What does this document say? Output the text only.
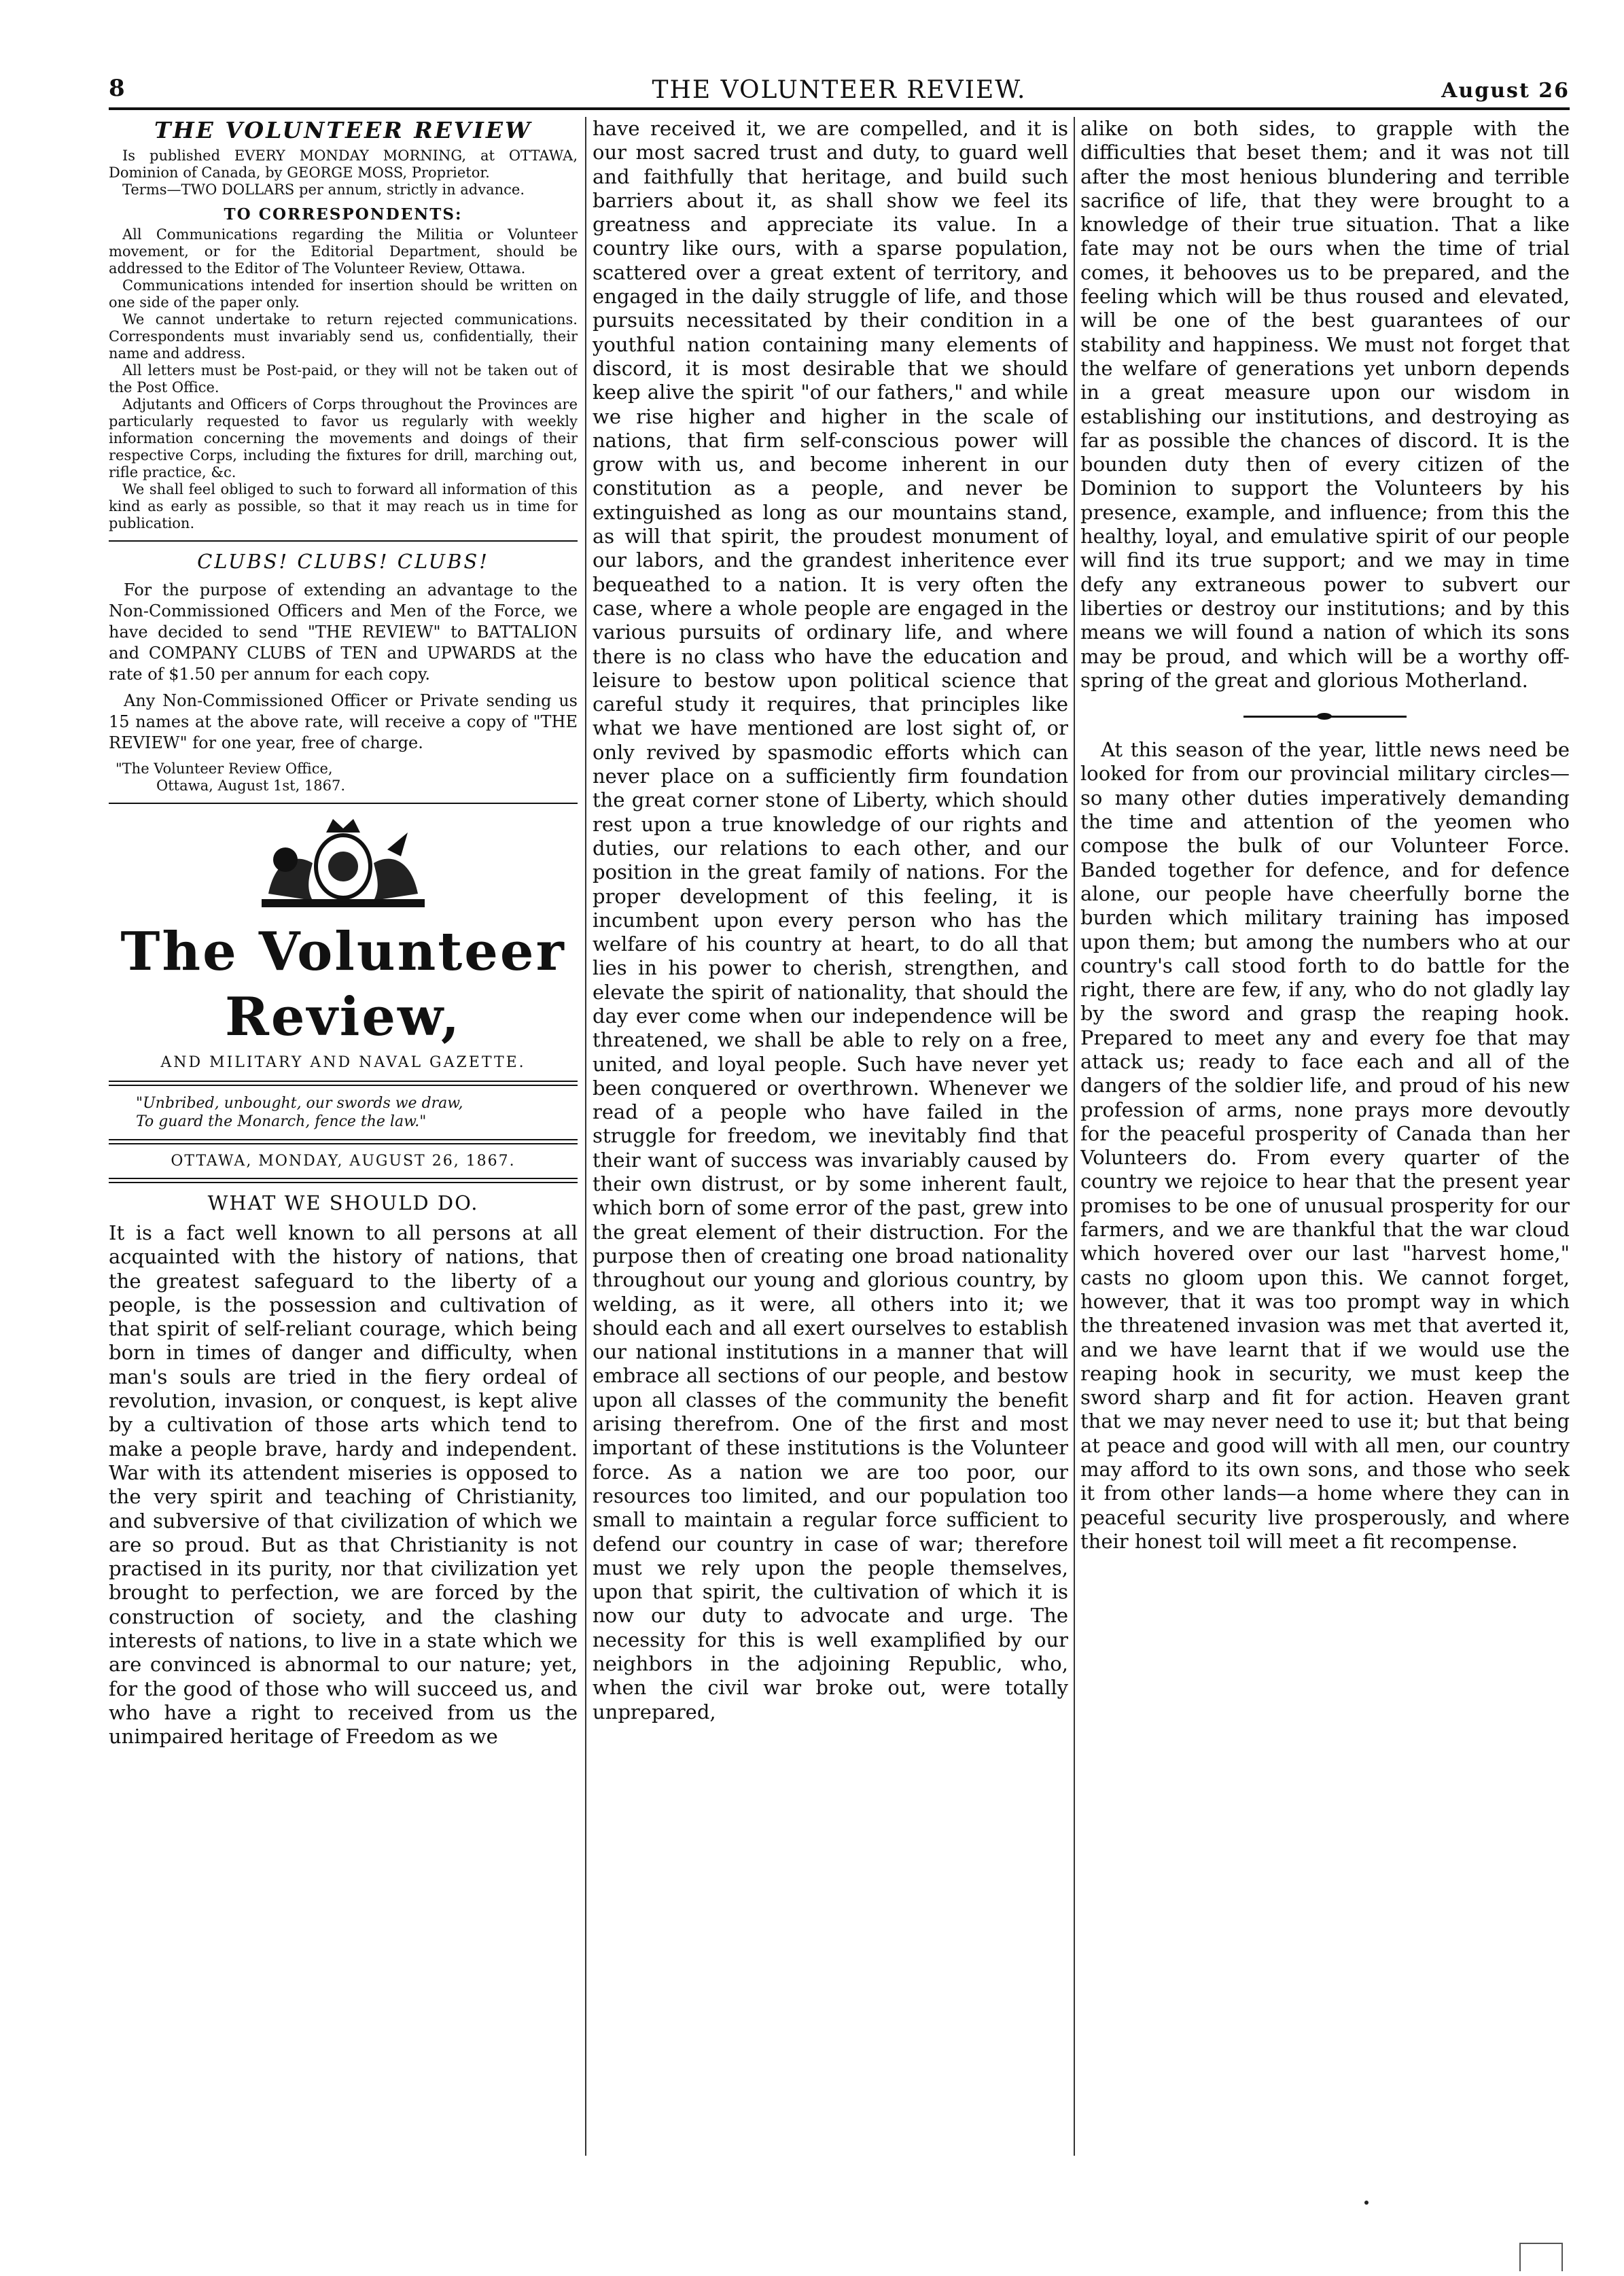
8	THE VOLUNTEER REVIEW.	August 26
THE VOLUNTEER REVIEW

Is published EVERY MONDAY MORNING, at OTTAWA, Dominion of Canada, by GEORGE MOSS, Proprietor.

Terms—TWO DOLLARS per annum, strictly in advance.

TO CORRESPONDENTS:

All Communications regarding the Militia or Volunteer movement, or for the Editorial Department, should be addressed to the Editor of The Volunteer Review, Ottawa.

Communications intended for insertion should be written on one side of the paper only.

We cannot undertake to return rejected communications. Correspondents must invariably send us, confidentially, their name and address.

All letters must be Post-paid, or they will not be taken out of the Post Office.

Adjutants and Officers of Corps throughout the Provinces are particularly requested to favor us regularly with weekly information concerning the movements and doings of their respective Corps, including the fixtures for drill, marching out, rifle practice, &c.

We shall feel obliged to such to forward all information of this kind as early as possible, so that it may reach us in time for publication.

CLUBS! CLUBS! CLUBS!

For the purpose of extending an advantage to the Non-Commissioned Officers and Men of the Force, we have decided to send "THE REVIEW" to BATTALION and COMPANY CLUBS of TEN and UPWARDS at the rate of $1.50 per annum for each copy.

Any Non-Commissioned Officer or Private sending us 15 names at the above rate, will receive a copy of "THE REVIEW" for one year, free of charge.

"The Volunteer Review Office,
Ottawa, August 1st, 1867.
The Volunteer Review,
AND MILITARY AND NAVAL GAZETTE.
"Unbribed, unbought, our swords we draw,
To guard the Monarch, fence the law."
OTTAWA, MONDAY, AUGUST 26, 1867.
WHAT WE SHOULD DO.

It is a fact well known to all persons at all acquainted with the history of nations, that the greatest safeguard to the liberty of a people, is the possession and cultivation of that spirit of self-reliant courage, which being born in times of danger and difficulty, when man's souls are tried in the fiery ordeal of revolution, invasion, or conquest, is kept alive by a cultivation of those arts which tend to make a people brave, hardy and independent. War with its attendent miseries is opposed to the very spirit and teaching of Christianity, and subversive of that civilization of which we are so proud. But as that Christianity is not practised in its purity, nor that civilization yet brought to perfection, we are forced by the construction of society, and the clashing interests of nations, to live in a state which we are convinced is abnormal to our nature; yet, for the good of those who will succeed us, and who have a right to received from us the unimpaired heritage of Freedom as we

have received it, we are compelled, and it is our most sacred trust and duty, to guard well and faithfully that heritage, and build such barriers about it, as shall show we feel its greatness and appreciate its value. In a country like ours, with a sparse population, scattered over a great extent of territory, and engaged in the daily struggle of life, and those pursuits necessitated by their condition in a youthful nation containing many elements of discord, it is most desirable that we should keep alive the spirit "of our fathers," and while we rise higher and higher in the scale of nations, that firm self-conscious power will grow with us, and become inherent in our constitution as a people, and never be extinguished as long as our mountains stand, as will that spirit, the proudest monument of our labors, and the grandest inheritence ever bequeathed to a nation. It is very often the case, where a whole people are engaged in the various pursuits of ordinary life, and where there is no class who have the education and leisure to bestow upon political science that careful study it requires, that principles like what we have mentioned are lost sight of, or only revived by spasmodic efforts which can never place on a sufficiently firm foundation the great corner stone of Liberty, which should rest upon a true knowledge of our rights and duties, our relations to each other, and our position in the great family of nations. For the proper development of this feeling, it is incumbent upon every person who has the welfare of his country at heart, to do all that lies in his power to cherish, strengthen, and elevate the spirit of nationality, that should the day ever come when our independence will be threatened, we shall be able to rely on a free, united, and loyal people. Such have never yet been conquered or overthrown. Whenever we read of a people who have failed in the struggle for freedom, we inevitably find that their want of success was invariably caused by their own distrust, or by some inherent fault, which born of some error of the past, grew into the great element of their distruction. For the purpose then of creating one broad nationality throughout our young and glorious country, by welding, as it were, all others into it; we should each and all exert ourselves to establish our national institutions in a manner that will embrace all sections of our people, and bestow upon all classes of the community the benefit arising therefrom. One of the first and most important of these institutions is the Volunteer force. As a nation we are too poor, our resources too limited, and our population too small to maintain a regular force sufficient to defend our country in case of war; therefore must we rely upon the people themselves, upon that spirit, the cultivation of which it is now our duty to advocate and urge. The necessity for this is well examplified by our neighbors in the adjoining Republic, who, when the civil war broke out, were totally unprepared,

alike on both sides, to grapple with the difficulties that beset them; and it was not till after the most henious blundering and terrible sacrifice of life, that they were brought to a knowledge of their true situation. That a like fate may not be ours when the time of trial comes, it behooves us to be prepared, and the feeling which will be thus roused and elevated, will be one of the best guarantees of our stability and happiness. We must not forget that the welfare of generations yet unborn depends in a great measure upon our wisdom in establishing our institutions, and destroying as far as possible the chances of discord. It is the bounden duty then of every citizen of the Dominion to support the Volunteers by his presence, example, and influence; from this the healthy, loyal, and emulative spirit of our people will find its true support; and we may in time defy any extraneous power to subvert our liberties or destroy our institutions; and by this means we will found a nation of which its sons may be proud, and which will be a worthy off-spring of the great and glorious Motherland.

At this season of the year, little news need be looked for from our provincial military circles—so many other duties imperatively demanding the time and attention of the yeomen who compose the bulk of our Volunteer Force. Banded together for defence, and for defence alone, our people have cheerfully borne the burden which military training has imposed upon them; but among the numbers who at our country's call stood forth to do battle for the right, there are few, if any, who do not gladly lay by the sword and grasp the reaping hook. Prepared to meet any and every foe that may attack us; ready to face each and all of the dangers of the soldier life, and proud of his new profession of arms, none prays more devoutly for the peaceful prosperity of Canada than her Volunteers do. From every quarter of the country we rejoice to hear that the present year promises to be one of unusual prosperity for our farmers, and we are thankful that the war cloud which hovered over our last "harvest home," casts no gloom upon this. We cannot forget, however, that it was too prompt way in which the threatened invasion was met that averted it, and we have learnt that if we would use the reaping hook in security, we must keep the sword sharp and fit for action. Heaven grant that we may never need to use it; but that being at peace and good will with all men, our country may afford to its own sons, and those who seek it from other lands—a home where they can in peaceful security live prosperously, and where their honest toil will meet a fit recompense.
